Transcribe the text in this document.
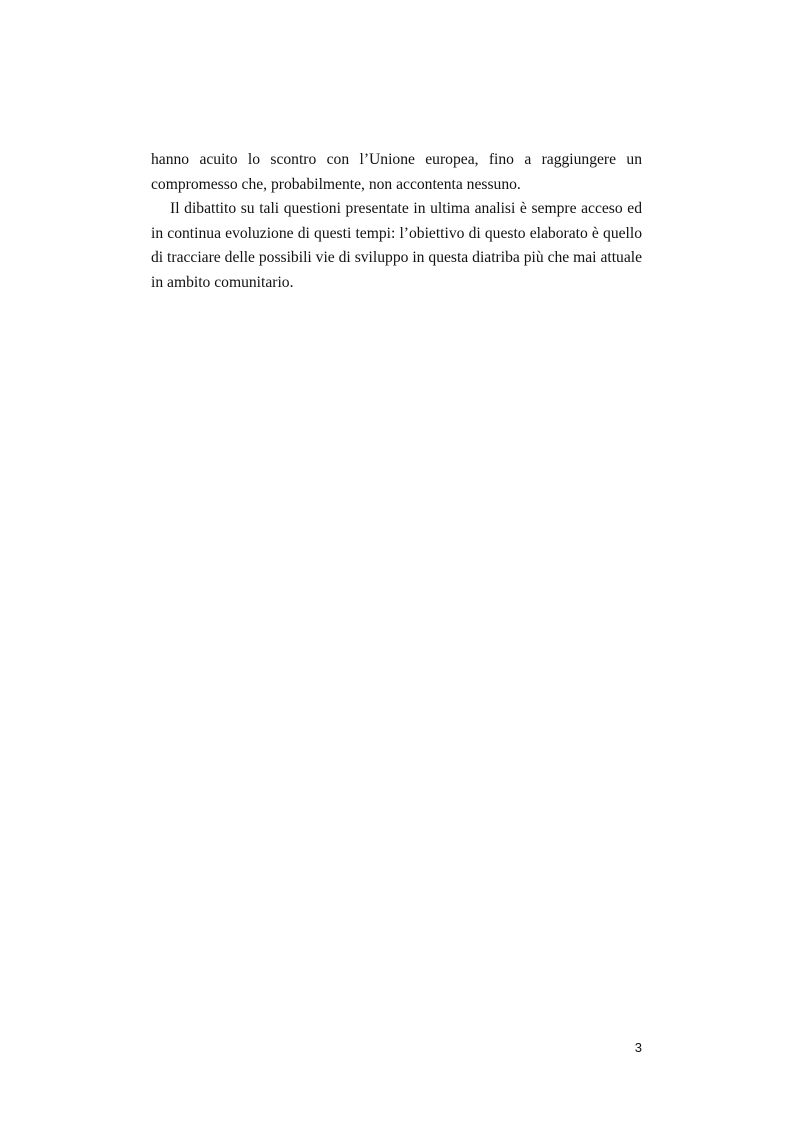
hanno acuito lo scontro con l’Unione europea, fino a raggiungere un compromesso che, probabilmente, non accontenta nessuno.

Il dibattito su tali questioni presentate in ultima analisi è sempre acceso ed in continua evoluzione di questi tempi: l’obiettivo di questo elaborato è quello di tracciare delle possibili vie di sviluppo in questa diatriba più che mai attuale in ambito comunitario.

3
